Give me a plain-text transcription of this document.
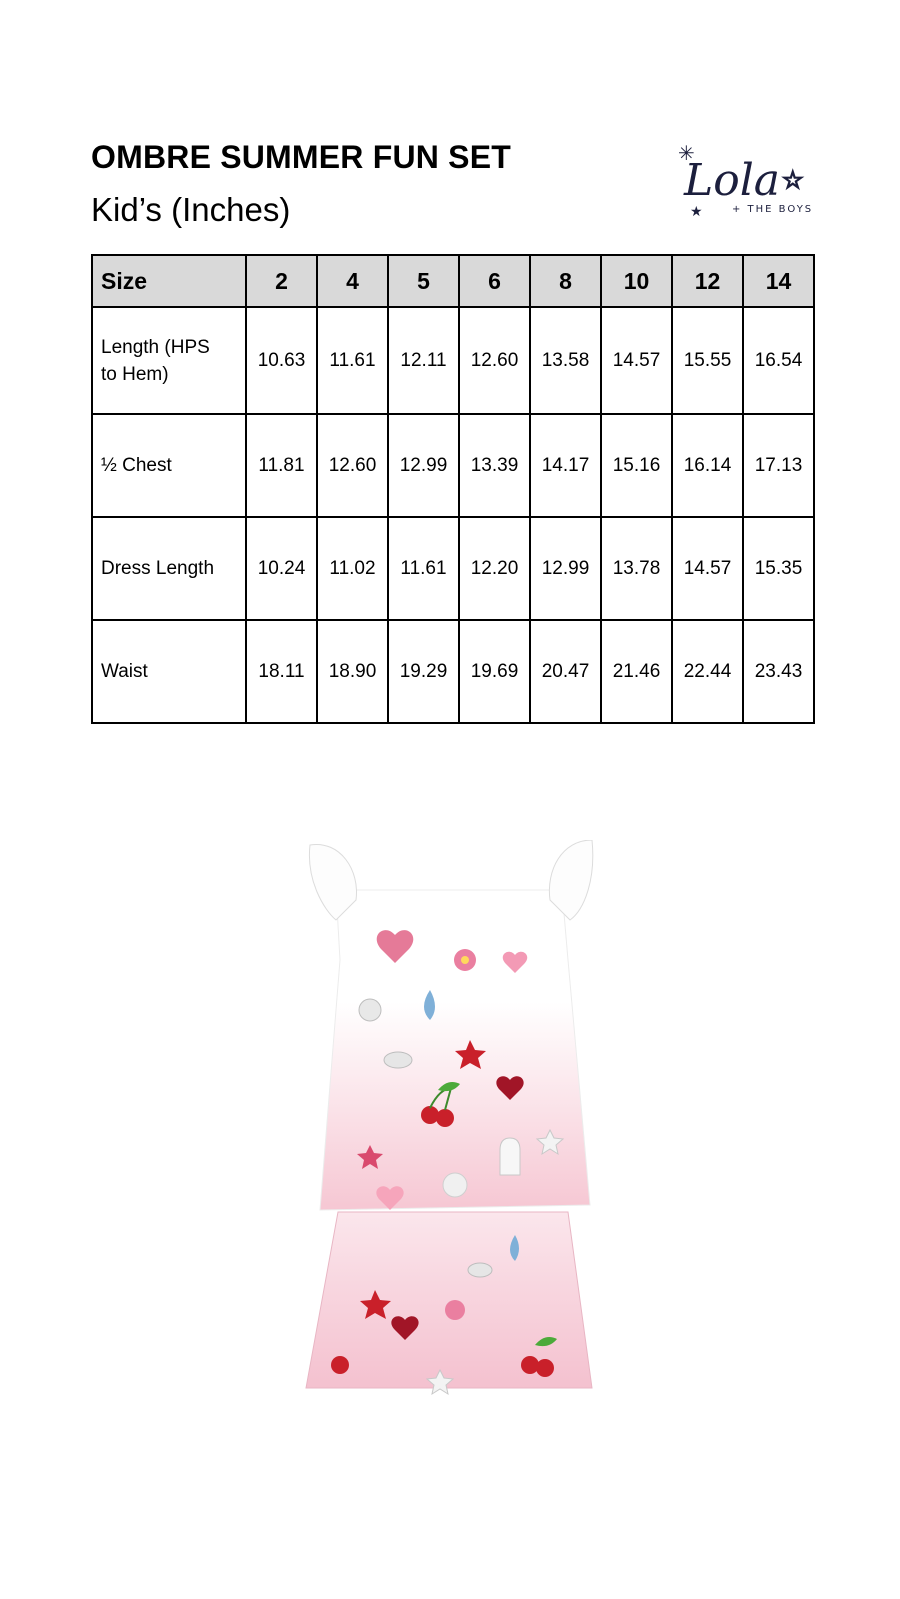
OMBRE SUMMER FUN SET
Kid’s (Inches)
✳
Lola ☆
+ THE BOYS
★
Size	2	4	5	6	8	10	12	14

Length (HPS to Hem)	10.63	11.61	12.11	12.60	13.58	14.57	15.55	16.54
½ Chest	11.81	12.60	12.99	13.39	14.17	15.16	16.14	17.13
Dress Length	10.24	11.02	11.61	12.20	12.99	13.78	14.57	15.35
Waist	18.11	18.90	19.29	19.69	20.47	21.46	22.44	23.43
